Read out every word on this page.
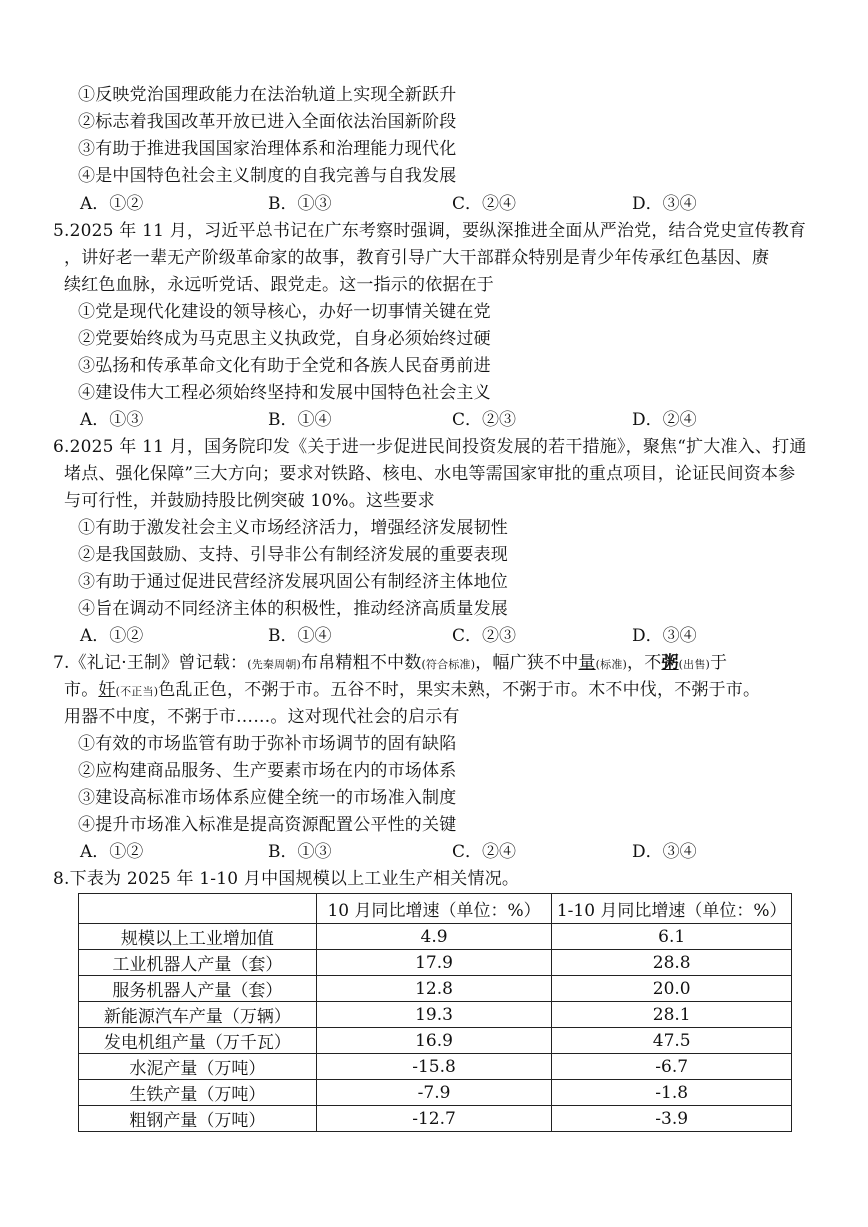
①反映党治国理政能力在法治轨道上实现全新跃升
②标志着我国改革开放已进入全面依法治国新阶段
③有助于推进我国国家治理体系和治理能力现代化
④是中国特色社会主义制度的自我完善与自我发展
A．①②	B．①③	C．②④	D．③④
5.2025 年 11 月，习近平总书记在广东考察时强调，要纵深推进全面从严治党，结合党史宣传教育
，讲好老一辈无产阶级革命家的故事，教育引导广大干部群众特别是青少年传承红色基因、赓
续红色血脉，永远听党话、跟党走。这一指示的依据在于
①党是现代化建设的领导核心，办好一切事情关键在党
②党要始终成为马克思主义执政党，自身必须始终过硬
③弘扬和传承革命文化有助于全党和各族人民奋勇前进
④建设伟大工程必须始终坚持和发展中国特色社会主义
A．①③	B．①④	C．②③	D．②④
6.2025 年 11 月，国务院印发《关于进一步促进民间投资发展的若干措施》，聚焦“扩大准入、打通
堵点、强化保障”三大方向；要求对铁路、核电、水电等需国家审批的重点项目，论证民间资本参
与可行性，并鼓励持股比例突破 10%。这些要求
①有助于激发社会主义市场经济活力，增强经济发展韧性
②是我国鼓励、支持、引导非公有制经济发展的重要表现
③有助于通过促进民营经济发展巩固公有制经济主体地位
④旨在调动不同经济主体的积极性，推动经济高质量发展
A．①②	B．①④	C．②③	D．③④
7.《礼记·王制》曾记载：(先秦周朝)布帛精粗不中数(符合标准)，幅广狭不中量(标准)，不粥(出售)于
市。奸(不正当)色乱正色，不粥于市。五谷不时，果实未熟，不粥于市。木不中伐，不粥于市。
用器不中度，不粥于市……。这对现代社会的启示有
①有效的市场监管有助于弥补市场调节的固有缺陷
②应构建商品服务、生产要素市场在内的市场体系
③建设高标准市场体系应健全统一的市场准入制度
④提升市场准入标准是提高资源配置公平性的关键
A．①②	B．①③	C．②④	D．③④
8.下表为 2025 年 1-10 月中国规模以上工业生产相关情况。
	10 月同比增速（单位：%）	1-10 月同比增速（单位：%）
规模以上工业增加值	4.9	6.1
工业机器人产量（套）	17.9	28.8
服务机器人产量（套）	12.8	20.0
新能源汽车产量（万辆）	19.3	28.1
发电机组产量（万千瓦）	16.9	47.5
水泥产量（万吨）	-15.8	-6.7
生铁产量（万吨）	-7.9	-1.8
粗钢产量（万吨）	-12.7	-3.9
